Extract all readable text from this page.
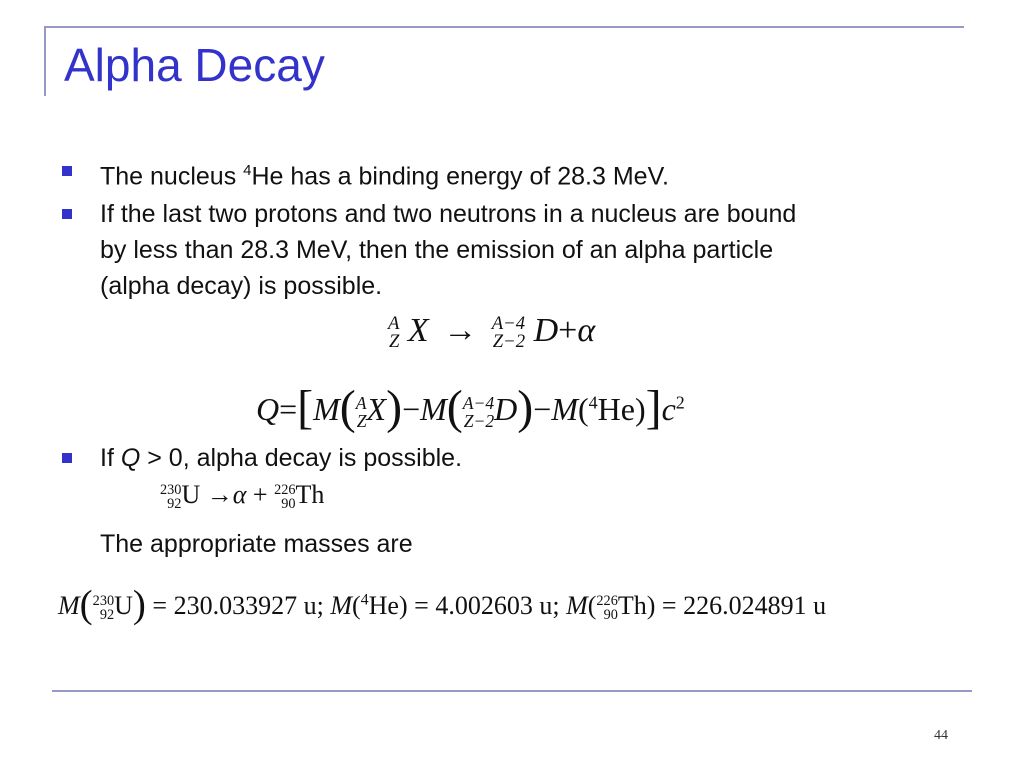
Alpha Decay
The nucleus $^4$He has a binding energy of 28.3 MeV.
If the last two protons and two neutrons in a nucleus are bound
by less than 28.3 MeV, then the emission of an alpha particle
(alpha decay) is possible.
A
Z X → A−4
Z−2 D+α
Q=[M( A
Z X)−M( A−4
Z−2 $D)-M(^4He)]c^2$
If Q > 0, alpha decay is possible.
230
92 U →α + 226
90 Th
The appropriate masses are
M( 230
92 U) = 230.033927 u; M($^4$He) = 4.002603 u; M( 226
90 Th) = 226.024891 u
44
